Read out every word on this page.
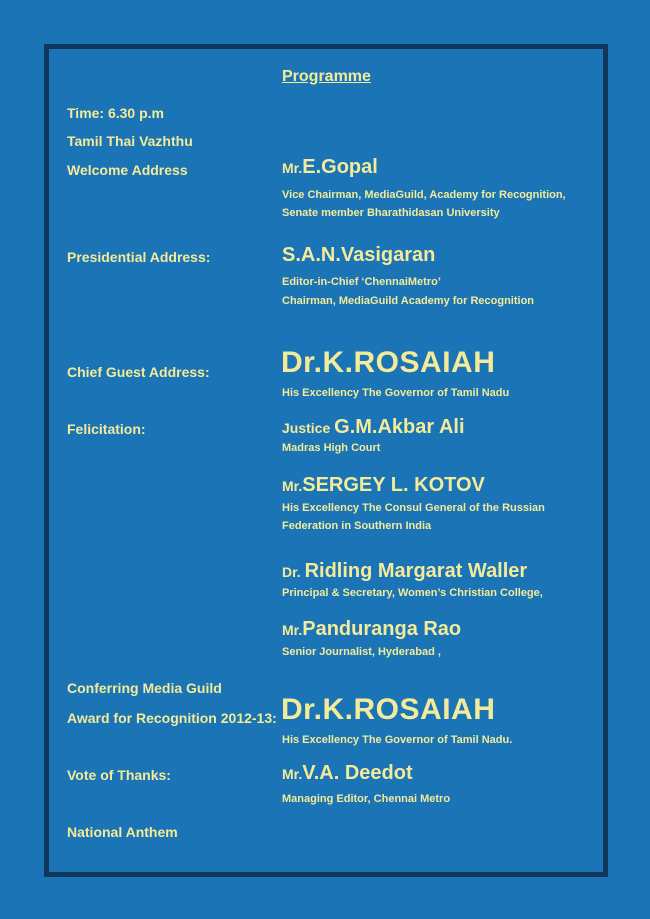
Programme
Time: 6.30 p.m
Tamil Thai Vazhthu
Welcome Address	Mr.E.Gopal
Vice Chairman, MediaGuild, Academy for Recognition,
Senate member Bharathidasan University
Presidential Address:	S.A.N.Vasigaran
Editor-in-Chief ‘ChennaiMetro’
Chairman, MediaGuild Academy for Recognition
Chief Guest Address: Dr.K.ROSAIAH
His Excellency The Governor of Tamil Nadu
Felicitation:	Justice G.M.Akbar Ali
Madras High Court
Mr.SERGEY L. KOTOV
His Excellency The Consul General of the Russian
Federation in Southern India
Dr. Ridling Margarat Waller
Principal & Secretary, Women’s Christian College,
Mr.Panduranga Rao
Senior Journalist, Hyderabad ,
Conferring Media Guild
Award for Recognition 2012-13: Dr.K.ROSAIAH
His Excellency The Governor of Tamil Nadu.
Vote of Thanks:	Mr.V.A. Deedot
Managing Editor, Chennai Metro
National Anthem
